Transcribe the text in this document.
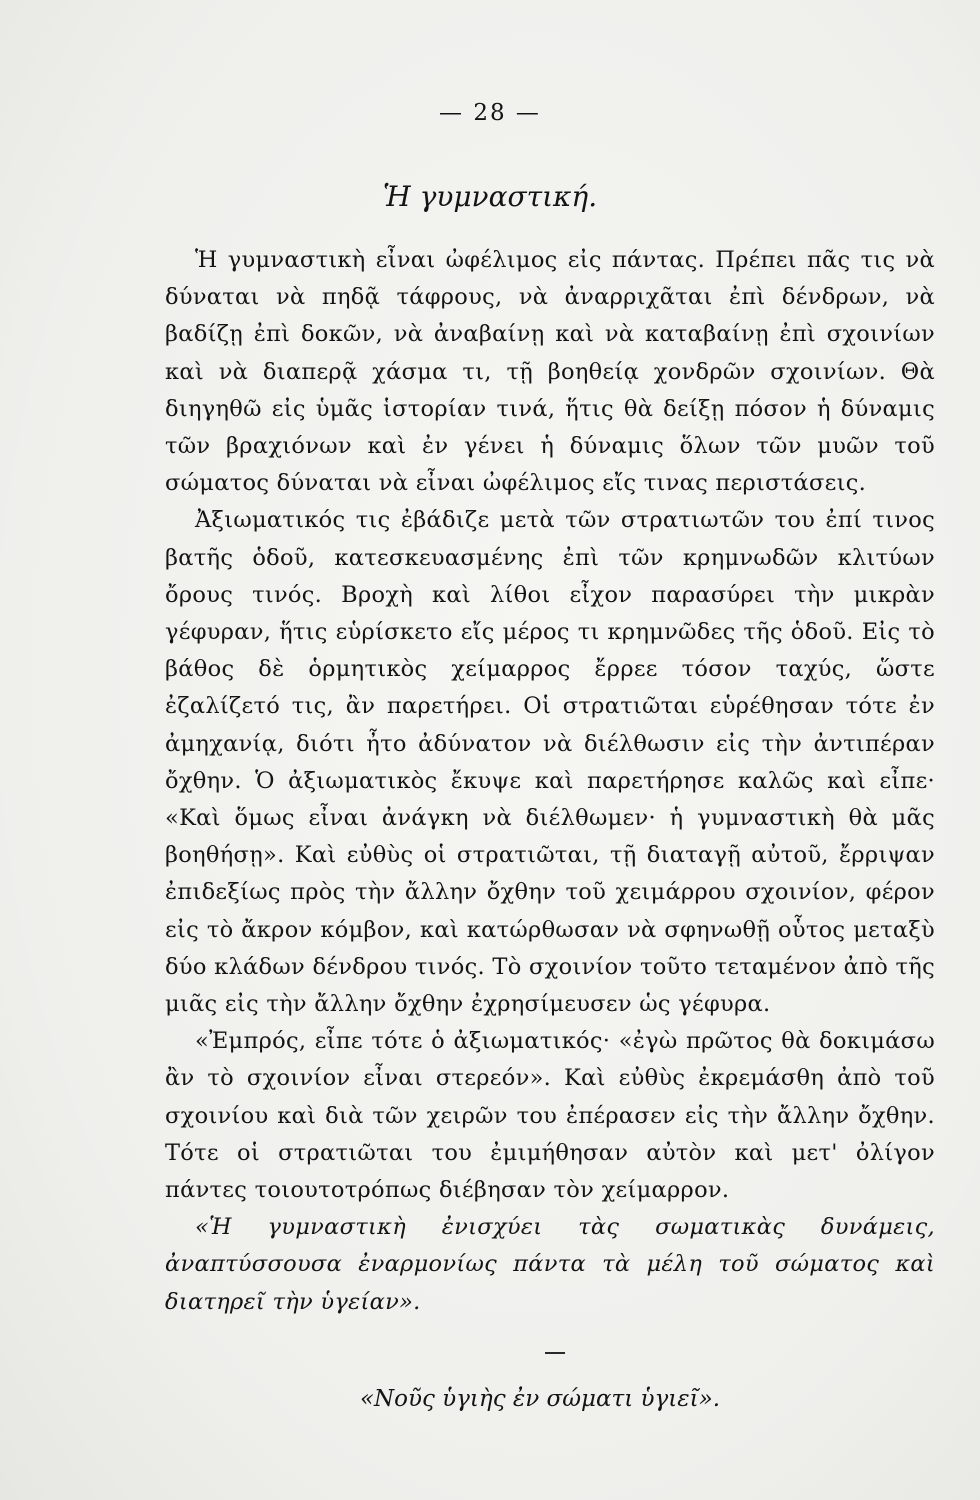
— 28 —
Ἡ γυμναστική.

Ἡ γυμναστικὴ εἶναι ὠφέλιμος εἰς πάντας. Πρέπει πᾶς τις νὰ δύναται νὰ πηδᾷ τάφρους, νὰ ἀναρριχᾶται ἐπὶ δένδρων, νὰ βαδίζῃ ἐπὶ δοκῶν, νὰ ἀναβαίνῃ καὶ νὰ καταβαίνῃ ἐπὶ σχοινίων καὶ νὰ διαπερᾷ χάσμα τι, τῇ βοηθείᾳ χονδρῶν σχοινίων. Θὰ διηγηθῶ εἰς ὑμᾶς ἱστορίαν τινά, ἥτις θὰ δείξῃ πόσον ἡ δύναμις τῶν βραχιόνων καὶ ἐν γένει ἡ δύναμις ὅλων τῶν μυῶν τοῦ σώματος δύναται νὰ εἶναι ὠφέλιμος εἴς τινας περιστάσεις.

Ἀξιωματικός τις ἐβάδιζε μετὰ τῶν στρατιωτῶν του ἐπί τινος βατῆς ὁδοῦ, κατεσκευασμένης ἐπὶ τῶν κρημνωδῶν κλιτύων ὄρους τινός. Βροχὴ καὶ λίθοι εἶχον παρασύρει τὴν μικρὰν γέφυραν, ἥτις εὑρίσκετο εἴς μέρος τι κρημνῶδες τῆς ὁδοῦ. Εἰς τὸ βάθος δὲ ὁρμητικὸς χείμαρρος ἔρρεε τόσον ταχύς, ὥστε ἐζαλίζετό τις, ἂν παρετήρει. Οἱ στρατιῶται εὑρέθησαν τότε ἐν ἀμηχανίᾳ, διότι ἦτο ἀδύνατον νὰ διέλθωσιν εἰς τὴν ἀντιπέραν ὄχθην. Ὁ ἀξιωματικὸς ἔκυψε καὶ παρετήρησε καλῶς καὶ εἶπε· «Καὶ ὅμως εἶναι ἀνάγκη νὰ διέλθωμεν· ἡ γυμναστικὴ θὰ μᾶς βοηθήσῃ». Καὶ εὐθὺς οἱ στρατιῶται, τῇ διαταγῇ αὐτοῦ, ἔρριψαν ἐπιδεξίως πρὸς τὴν ἄλλην ὄχθην τοῦ χειμάρρου σχοινίον, φέρον εἰς τὸ ἄκρον κόμβον, καὶ κατώρθωσαν νὰ σφηνωθῇ οὗτος μεταξὺ δύο κλάδων δένδρου τινός. Τὸ σχοινίον τοῦτο τεταμένον ἀπὸ τῆς μιᾶς εἰς τὴν ἄλλην ὄχθην ἐχρησίμευσεν ὡς γέφυρα.

«Ἐμπρός, εἶπε τότε ὁ ἀξιωματικός· «ἐγὼ πρῶτος θὰ δοκιμάσω ἂν τὸ σχοινίον εἶναι στερεόν». Καὶ εὐθὺς ἐκρεμάσθη ἀπὸ τοῦ σχοινίου καὶ διὰ τῶν χειρῶν του ἐπέρασεν εἰς τὴν ἄλλην ὄχθην. Τότε οἱ στρατιῶται του ἐμιμήθησαν αὐτὸν καὶ μετ' ὀλίγον πάντες τοιουτοτρόπως διέβησαν τὸν χείμαρρον.

«Ἡ γυμναστικὴ ἐνισχύει τὰς σωματικὰς δυνάμεις, ἀναπτύσσουσα ἐναρμονίως πάντα τὰ μέλη τοῦ σώματος καὶ διατηρεῖ τὴν ὑγείαν».

«Νοῦς ὑγιὴς ἐν σώματι ὑγιεῖ».
